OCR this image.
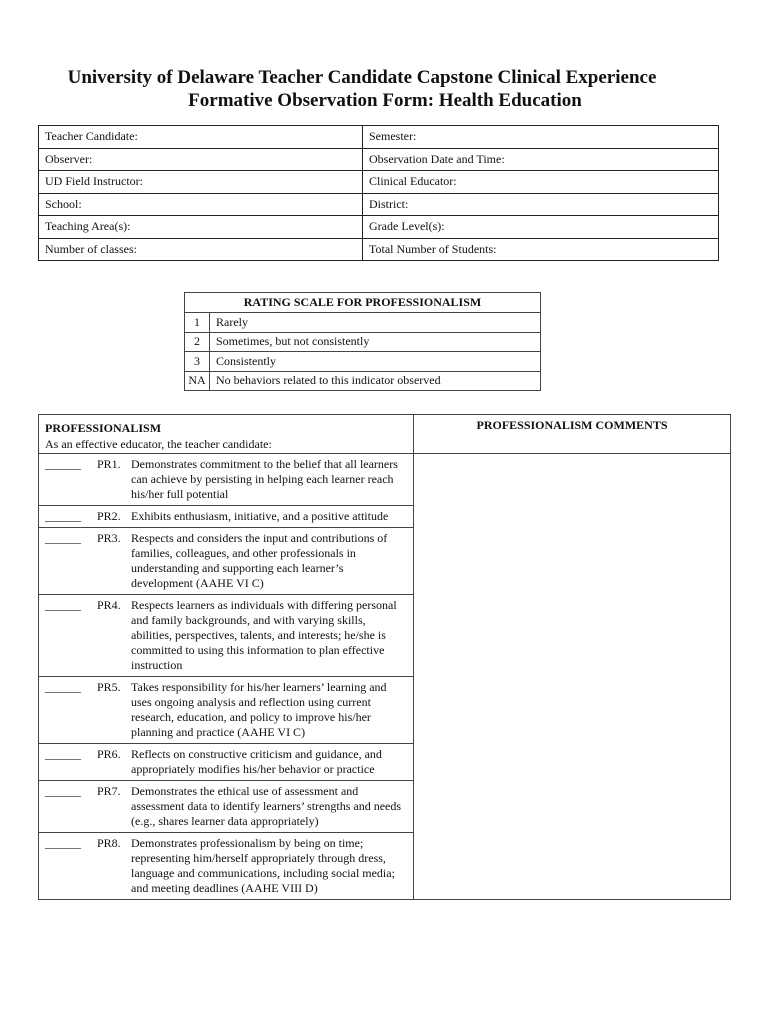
University of Delaware Teacher Candidate Capstone Clinical Experience
Formative Observation Form: Health Education
Teacher Candidate:	Semester:
Observer:	Observation Date and Time:
UD Field Instructor:	Clinical Educator:
School:	District:
Teaching Area(s):	Grade Level(s):
Number of classes:	Total Number of Students:
RATING SCALE FOR PROFESSIONALISM	
1	Rarely
2	Sometimes, but not consistently
3	Consistently
NA	No behaviors related to this indicator observed
PROFESSIONALISM
As an effective educator, the teacher candidate:	PROFESSIONALISM COMMENTS

______ PR1. Demonstrates commitment to the belief that all learners can achieve by persisting in helping each learner reach his/her full potential	

______ PR2. Exhibits enthusiasm, initiative, and a positive attitude	

______ PR3. Respects and considers the input and contributions of families, colleagues, and other professionals in understanding and supporting each learner’s development (AAHE VI C)	

______ PR4. Respects learners as individuals with differing personal and family backgrounds, and with varying skills, abilities, perspectives, talents, and interests; he/she is committed to using this information to plan effective instruction	

______ PR5. Takes responsibility for his/her learners’ learning and uses ongoing analysis and reflection using current research, education, and policy to improve his/her planning and practice (AAHE VI C)	

______ PR6. Reflects on constructive criticism and guidance, and appropriately modifies his/her behavior or practice	

______ PR7. Demonstrates the ethical use of assessment and assessment data to identify learners’ strengths and needs (e.g., shares learner data appropriately)	

______ PR8. Demonstrates professionalism by being on time; representing him/herself appropriately through dress, language and communications, including social media; and meeting deadlines (AAHE VIII D)	
